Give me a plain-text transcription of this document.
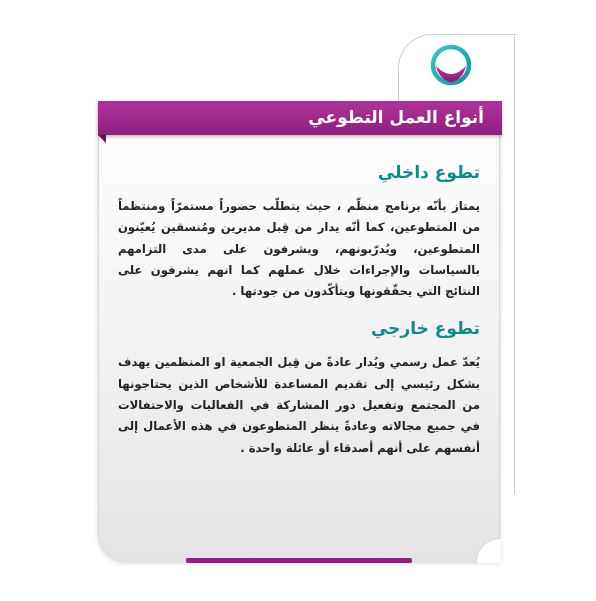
أنواع العمل التطوعي
تطوع داخلي

يمتاز بأنّه برنامج منظّم ، حيث يتطلّب حضوراً مستمرّاً ومنتظماً من المتطوعين، كما أنّه يدار من قِبل مديرين ومُنسقين يُعيّنون المتطوعين، ويُدرّبونهم، ويشرفون على مدى التزامهم بالسياسات والإجراءات خلال عملهم كما انهم يشرفون على النتائج التي يحقّقونها ويتأكّدون من جودتها .

تطوع خارجي

يُعدّ عمل رسمي ويُدار عادةً من قِبل الجمعية او المنظمين يهدف بشكل رئيسي إلى تقديم المساعدة للأشخاص الذين يحتاجونها من المجتمع وتفعيل دور المشاركة في الفعاليات والاحتفالات في جميع مجالاته وعادةً ينظر المتطوعون في هذه الأعمال إلى أنفسهم على أنهم أصدقاء أو عائلة واحدة .
